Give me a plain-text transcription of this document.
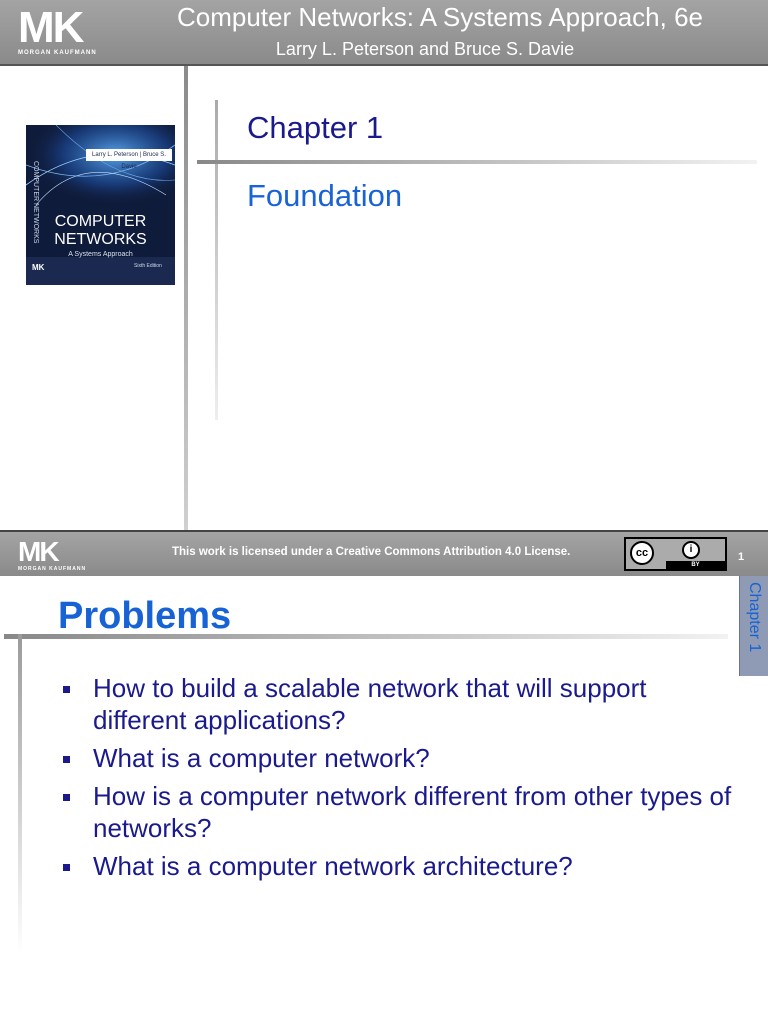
MK
MORGAN KAUFMANN
Computer Networks: A Systems Approach, 6e
Larry L. Peterson and Bruce S. Davie
Larry L. Peterson | Bruce S. Davie
COMPUTER NETWORKS COMPUTER NETWORKS
A Systems Approach
MK	Sixth Edition
Chapter 1
Foundation
MK
MORGAN KAUFMANN
This work is licensed under a Creative Commons Attribution 4.0 License.	cc	i
BY
1
Problems	Chapter 1
How to build a scalable network that will support different applications?
What is a computer network?
How is a computer network different from other types of networks?
What is a computer network architecture?
